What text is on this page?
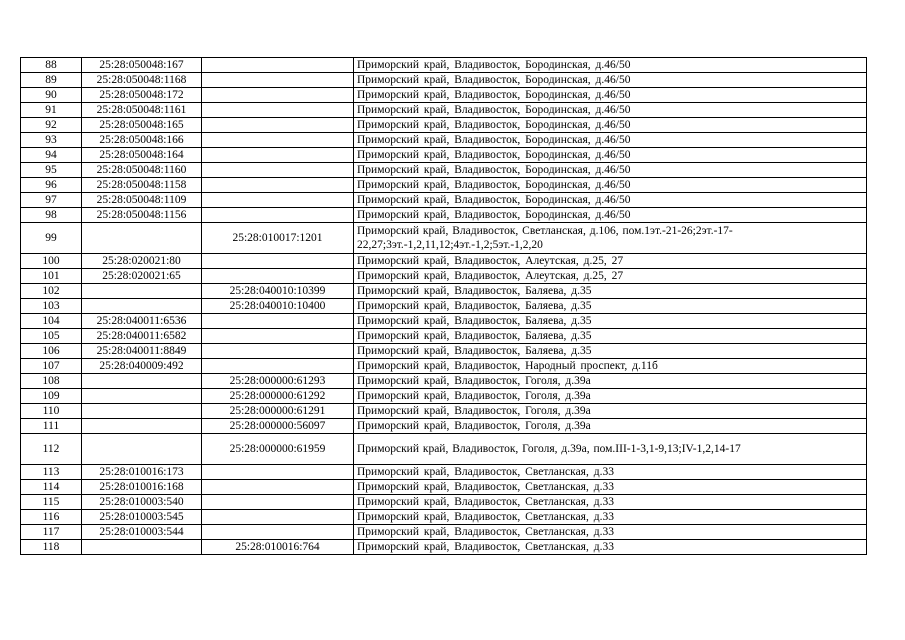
88	25:28:050048:167		Приморский край, Владивосток, Бородинская, д.46/50
89	25:28:050048:1168		Приморский край, Владивосток, Бородинская, д.46/50
90	25:28:050048:172		Приморский край, Владивосток, Бородинская, д.46/50
91	25:28:050048:1161		Приморский край, Владивосток, Бородинская, д.46/50
92	25:28:050048:165		Приморский край, Владивосток, Бородинская, д.46/50
93	25:28:050048:166		Приморский край, Владивосток, Бородинская, д.46/50
94	25:28:050048:164		Приморский край, Владивосток, Бородинская, д.46/50
95	25:28:050048:1160		Приморский край, Владивосток, Бородинская, д.46/50
96	25:28:050048:1158		Приморский край, Владивосток, Бородинская, д.46/50
97	25:28:050048:1109		Приморский край, Владивосток, Бородинская, д.46/50
98	25:28:050048:1156		Приморский край, Владивосток, Бородинская, д.46/50
99		25:28:010017:1201	Приморский край, Владивосток, Светланская, д.106, пом.1эт.-21-26;2эт.-17-22,27;3эт.-1,2,11,12;4эт.-1,2;5эт.-1,2,20
100	25:28:020021:80		Приморский край, Владивосток, Алеутская, д.25, 27
101	25:28:020021:65		Приморский край, Владивосток, Алеутская, д.25, 27
102		25:28:040010:10399	Приморский край, Владивосток, Баляева, д.35
103		25:28:040010:10400	Приморский край, Владивосток, Баляева, д.35
104	25:28:040011:6536		Приморский край, Владивосток, Баляева, д.35
105	25:28:040011:6582		Приморский край, Владивосток, Баляева, д.35
106	25:28:040011:8849		Приморский край, Владивосток, Баляева, д.35
107	25:28:040009:492		Приморский край, Владивосток, Народный проспект, д.11б
108		25:28:000000:61293	Приморский край, Владивосток, Гоголя, д.39а
109		25:28:000000:61292	Приморский край, Владивосток, Гоголя, д.39а
110		25:28:000000:61291	Приморский край, Владивосток, Гоголя, д.39а
111		25:28:000000:56097	Приморский край, Владивосток, Гоголя, д.39а
112		25:28:000000:61959	Приморский край, Владивосток, Гоголя, д.39а, пом.III-1-3,1-9,13;IV-1,2,14-17
113	25:28:010016:173		Приморский край, Владивосток, Светланская, д.33
114	25:28:010016:168		Приморский край, Владивосток, Светланская, д.33
115	25:28:010003:540		Приморский край, Владивосток, Светланская, д.33
116	25:28:010003:545		Приморский край, Владивосток, Светланская, д.33
117	25:28:010003:544		Приморский край, Владивосток, Светланская, д.33
118		25:28:010016:764	Приморский край, Владивосток, Светланская, д.33
